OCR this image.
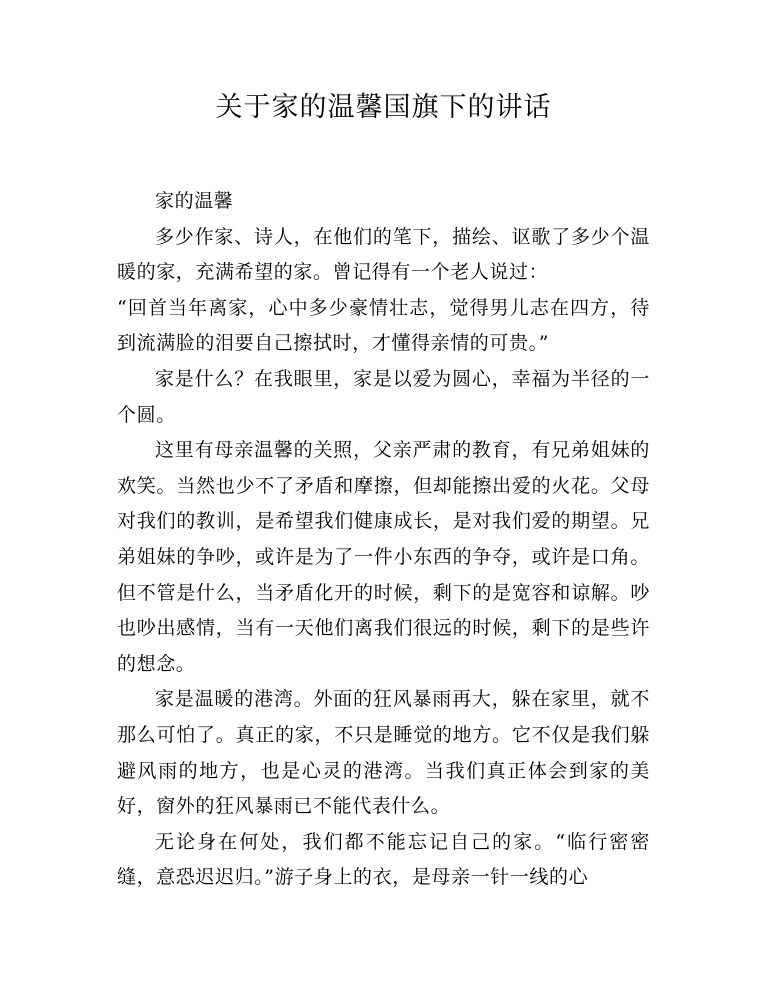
关于家的温馨国旗下的讲话

家的温馨

多少作家、诗人，在他们的笔下，描绘、讴歌了多少个温暖的家，充满希望的家。曾记得有一个老人说过：

“回首当年离家，心中多少豪情壮志，觉得男儿志在四方，待到流满脸的泪要自己擦拭时，才懂得亲情的可贵。”

家是什么？在我眼里，家是以爱为圆心，幸福为半径的一个圆。

这里有母亲温馨的关照，父亲严肃的教育，有兄弟姐妹的欢笑。当然也少不了矛盾和摩擦，但却能擦出爱的火花。父母对我们的教训，是希望我们健康成长，是对我们爱的期望。兄弟姐妹的争吵，或许是为了一件小东西的争夺，或许是口角。但不管是什么，当矛盾化开的时候，剩下的是宽容和谅解。吵也吵出感情，当有一天他们离我们很远的时候，剩下的是些许的想念。

家是温暖的港湾。外面的狂风暴雨再大，躲在家里，就不那么可怕了。真正的家，不只是睡觉的地方。它不仅是我们躲避风雨的地方，也是心灵的港湾。当我们真正体会到家的美好，窗外的狂风暴雨已不能代表什么。

无论身在何处，我们都不能忘记自己的家。“临行密密缝，意恐迟迟归。”游子身上的衣，是母亲一针一线的心
